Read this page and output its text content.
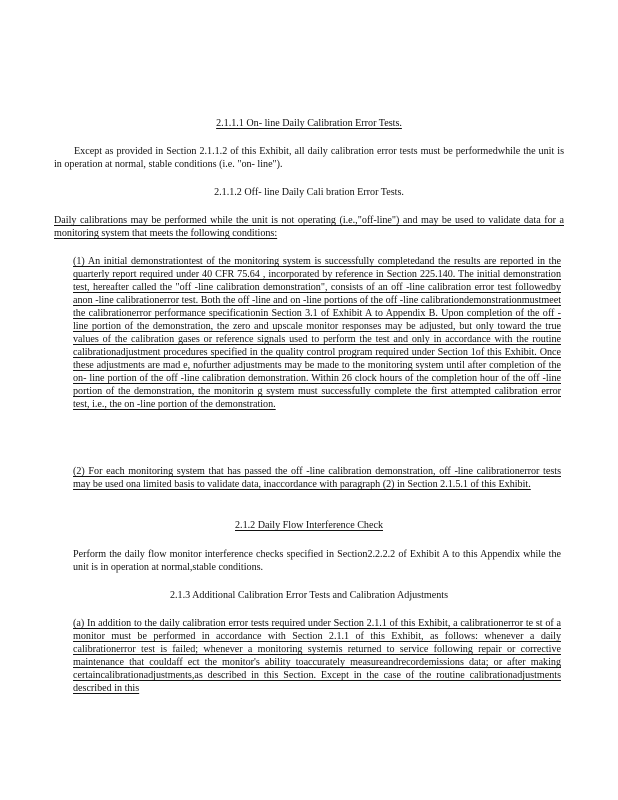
2.1.1.1 On- line Daily Calibration Error Tests.
Except as provided in Section 2.1.1.2 of this Exhibit, all daily calibration error tests must be performedwhile the unit is in operation at normal, stable conditions (i.e. "on- line").
2.1.1.2 Off- line Daily Cali bration Error Tests.
Daily calibrations may be performed while the unit is not operating (i.e.,"off-line") and may be used to validate data for a monitoring system that meets the following conditions:
(1) An initial demonstrationtest of the monitoring system is successfully completedand the results are reported in the quarterly report required under 40 CFR 75.64 , incorporated by reference in Section 225.140. The initial demonstration test, hereafter called the "off -line calibration demonstration", consists of an off -line calibration error test followedby anon -line calibrationerror test. Both the off -line and on -line portions of the off -line calibrationdemonstrationmustmeet the calibrationerror performance specificationin Section 3.1 of Exhibit A to Appendix B. Upon completion of the off -line portion of the demonstration, the zero and upscale monitor responses may be adjusted, but only toward the true values of the calibration gases or reference signals used to perform the test and only in accordance with the routine calibrationadjustment procedures specified in the quality control program required under Section 1of this Exhibit. Once these adjustments are mad e, nofurther adjustments may be made to the monitoring system until after completion of the on- line portion of the off -line calibration demonstration. Within 26 clock hours of the completion hour of the off -line portion of the demonstration, the monitorin g system must successfully complete the first attempted calibration error test, i.e., the on -line portion of the demonstration.
(2) For each monitoring system that has passed the off -line calibration demonstration, off -line calibrationerror tests may be used ona limited basis to validate data, inaccordance with paragraph (2) in Section 2.1.5.1 of this Exhibit.
2.1.2 Daily Flow Interference Check
Perform the daily flow monitor interference checks specified in Section2.2.2.2 of Exhibit A to this Appendix while the unit is in operation at normal,stable conditions.
2.1.3 Additional Calibration Error Tests and Calibration Adjustments
(a) In addition to the daily calibration error tests required under Section 2.1.1 of this Exhibit, a calibrationerror te st of a monitor must be performed in accordance with Section 2.1.1 of this Exhibit, as follows: whenever a daily calibrationerror test is failed; whenever a monitoring systemis returned to service following repair or corrective maintenance that couldaff ect the monitor's ability toaccurately measureandrecordemissions data; or after making certaincalibrationadjustments,as described in this Section. Except in the case of the routine calibrationadjustments described in this
